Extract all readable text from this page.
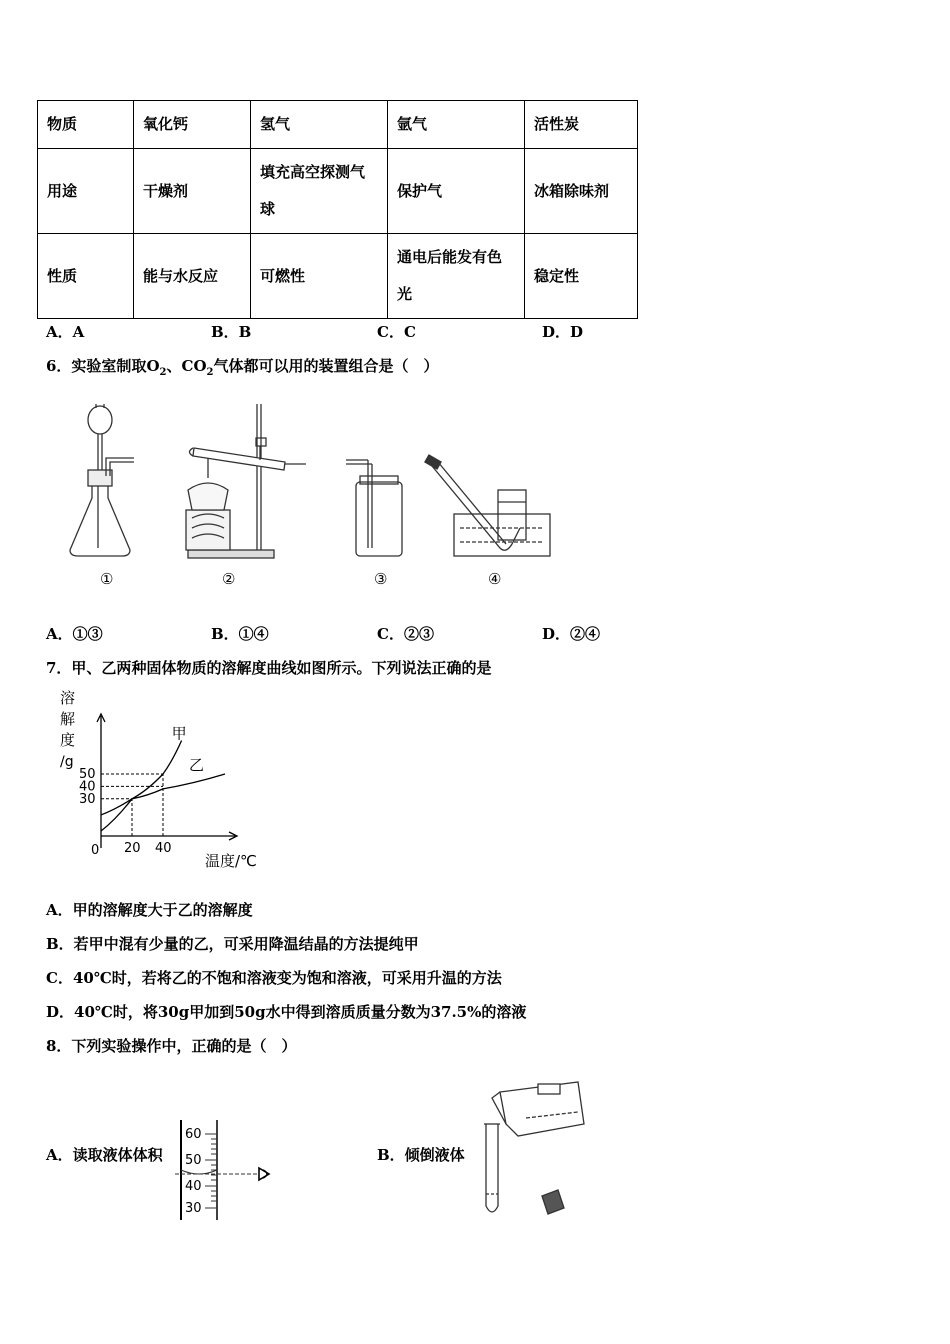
物质	氧化钙	氢气	氩气	活性炭
用途	干燥剂	填充高空探测气球	保护气	冰箱除味剂
性质	能与水反应	可燃性	通电后能发有色光	稳定性
A．A	B．B	C．C	D．D
6．实验室制取$O_2$、$CO_2$气体都可以用的装置组合是（　）
①	②	③	④
A．①③	B．①④	C．②③	D．②④
7．甲、乙两种固体物质的溶解度曲线如图所示。下列说法正确的是
溶
解
度
/g
0
温度/℃
30
40
50
20 40
甲
乙
A．甲的溶解度大于乙的溶解度
B．若甲中混有少量的乙，可采用降温结晶的方法提纯甲
C．40℃时，若将乙的不饱和溶液变为饱和溶液，可采用升温的方法
D．40℃时，将30g甲加到50g水中得到溶质质量分数为37.5%的溶液
8．下列实验操作中，正确的是（　）
A．读取液体体积	B．倾倒液体
60
50
40
30
